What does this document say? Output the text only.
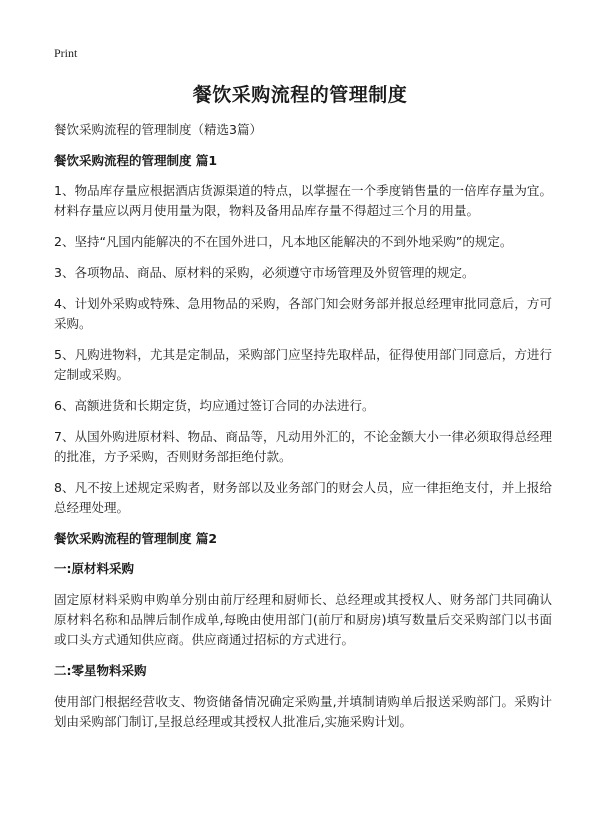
Print
餐饮采购流程的管理制度
餐饮采购流程的管理制度（精选3篇）
餐饮采购流程的管理制度 篇1
1、物品库存量应根据酒店货源渠道的特点，以掌握在一个季度销售量的一倍库存量为宜。材料存量应以两月使用量为限，物料及备用品库存量不得超过三个月的用量。
2、坚持“凡国内能解决的不在国外进口，凡本地区能解决的不到外地采购”的规定。
3、各项物品、商品、原材料的采购，必须遵守市场管理及外贸管理的规定。
4、计划外采购或特殊、急用物品的采购，各部门知会财务部并报总经理审批同意后，方可采购。
5、凡购进物料，尤其是定制品，采购部门应坚持先取样品，征得使用部门同意后，方进行定制或采购。
6、高额进货和长期定货，均应通过签订合同的办法进行。
7、从国外购进原材料、物品、商品等，凡动用外汇的，不论金额大小一律必须取得总经理的批准，方予采购，否则财务部拒绝付款。
8、凡不按上述规定采购者，财务部以及业务部门的财会人员，应一律拒绝支付，并上报给总经理处理。
餐饮采购流程的管理制度 篇2
一:原材料采购
固定原材料采购申购单分别由前厅经理和厨师长、总经理或其授权人、财务部门共同确认原材料名称和品牌后制作成单,每晚由使用部门(前厅和厨房)填写数量后交采购部门以书面或口头方式通知供应商。供应商通过招标的方式进行。
二:零星物料采购
使用部门根据经营收支、物资储备情况确定采购量,并填制请购单后报送采购部门。采购计划由采购部门制订,呈报总经理或其授权人批准后,实施采购计划。
